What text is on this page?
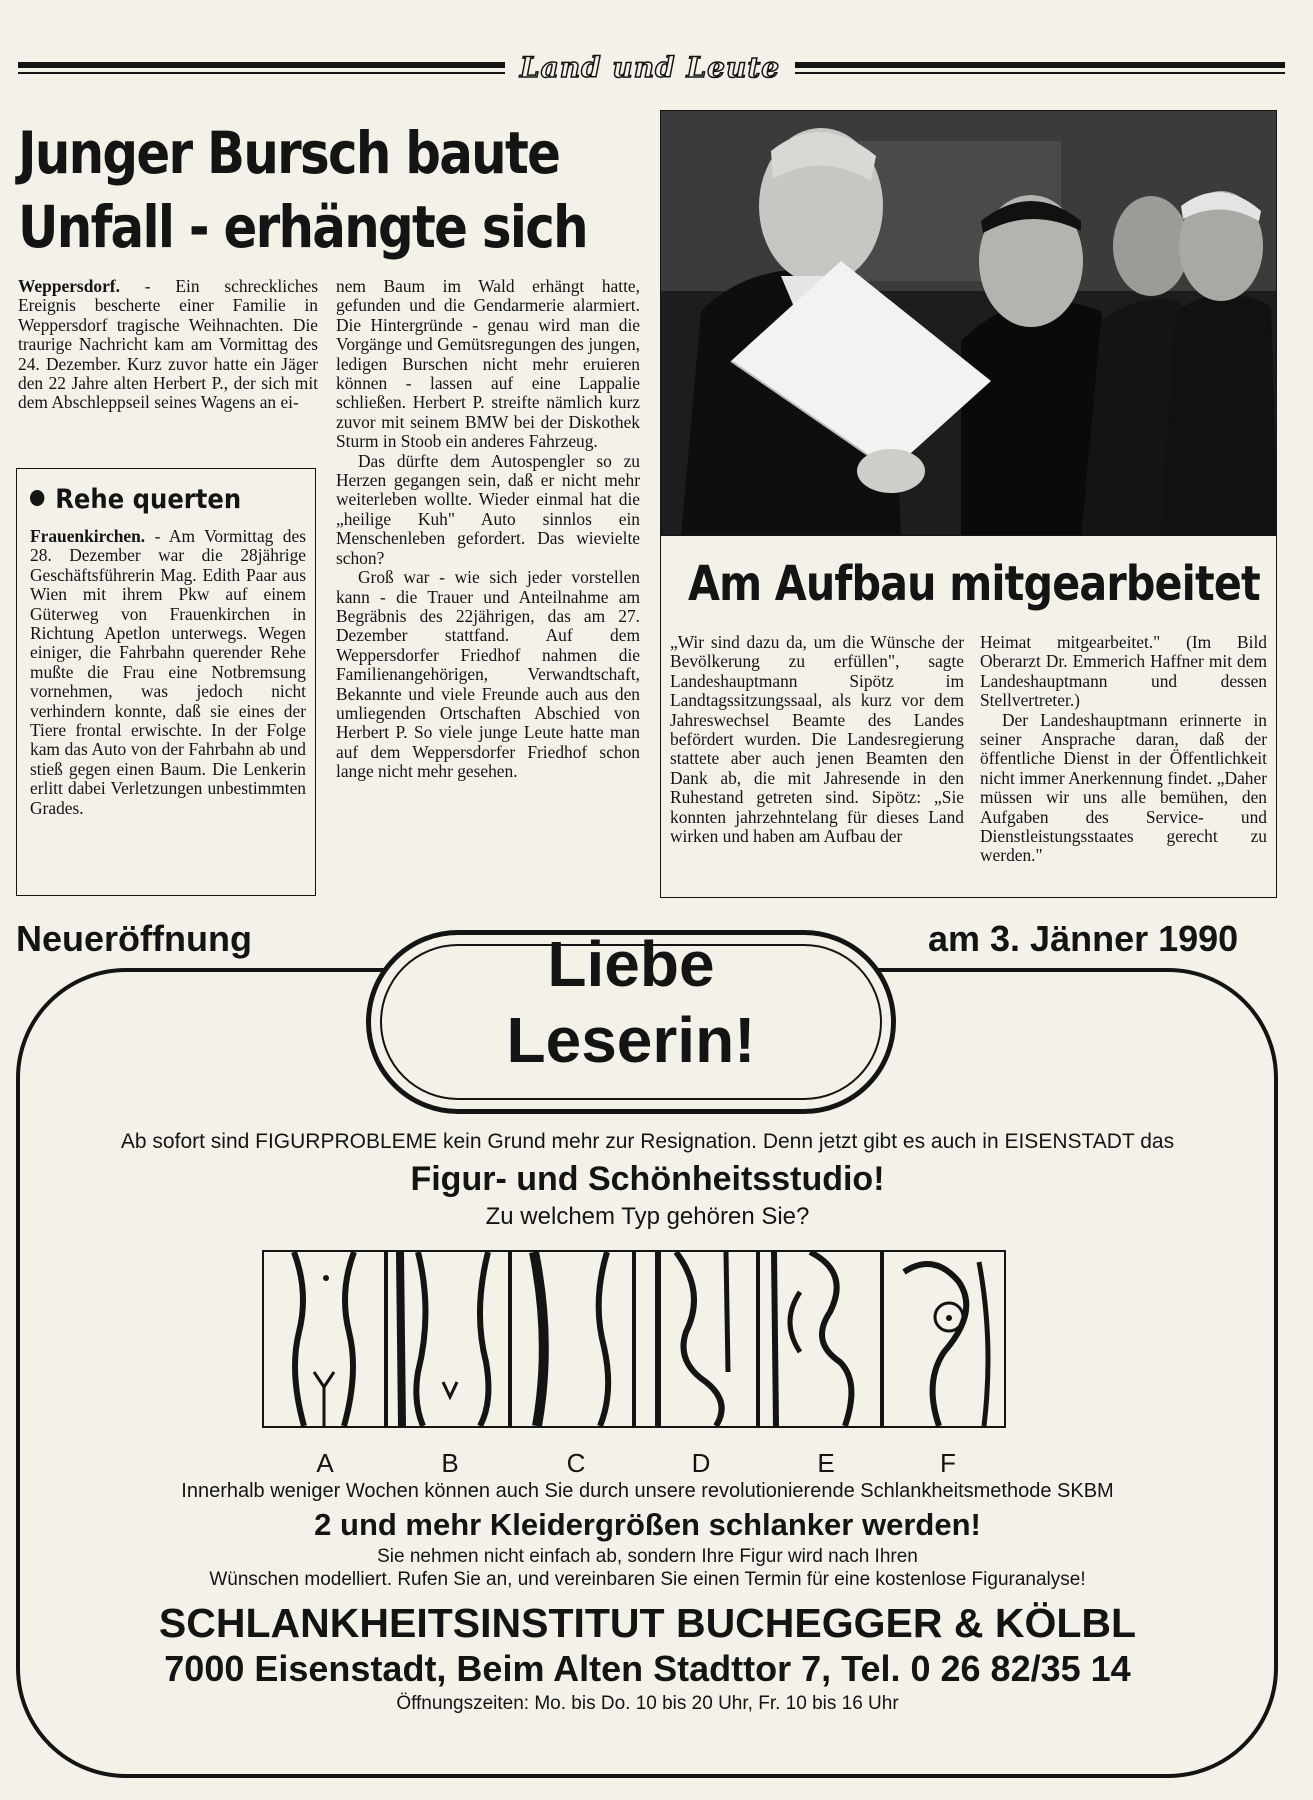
Land und Leute
Junger Bursch baute
Unfall - erhängte sich

Weppersdorf. - Ein schreckliches Ereignis bescherte einer Familie in Weppersdorf tragische Weihnachten. Die traurige Nachricht kam am Vormittag des 24. Dezember. Kurz zuvor hatte ein Jäger den 22 Jahre alten Herbert P., der sich mit dem Abschleppseil seines Wagens an ei-

nem Baum im Wald erhängt hatte, gefunden und die Gendarmerie alarmiert. Die Hintergründe - genau wird man die Vorgänge und Gemütsregungen des jungen, ledigen Burschen nicht mehr eruieren können - lassen auf eine Lappalie schließen. Herbert P. streifte nämlich kurz zuvor mit seinem BMW bei der Diskothek Sturm in Stoob ein anderes Fahrzeug.

Das dürfte dem Autospengler so zu Herzen gegangen sein, daß er nicht mehr weiterleben wollte. Wieder einmal hat die „heilige Kuh" Auto sinnlos ein Menschenleben gefordert. Das wievielte schon?

Groß war - wie sich jeder vorstellen kann - die Trauer und Anteilnahme am Begräbnis des 22jährigen, das am 27. Dezember stattfand. Auf dem Weppersdorfer Friedhof nahmen die Familienangehörigen, Verwandtschaft, Bekannte und viele Freunde auch aus den umliegenden Ortschaften Abschied von Herbert P. So viele junge Leute hatte man auf dem Weppersdorfer Friedhof schon lange nicht mehr gesehen.

Rehe querten

Frauenkirchen. - Am Vormittag des 28. Dezember war die 28jährige Geschäftsführerin Mag. Edith Paar aus Wien mit ihrem Pkw auf einem Güterweg von Frauenkirchen in Richtung Apetlon unterwegs. Wegen einiger, die Fahrbahn querender Rehe mußte die Frau eine Notbremsung vornehmen, was jedoch nicht verhindern konnte, daß sie eines der Tiere frontal erwischte. In der Folge kam das Auto von der Fahrbahn ab und stieß gegen einen Baum. Die Lenkerin erlitt dabei Verletzungen unbestimmten Grades.

Am Aufbau mitgearbeitet

„Wir sind dazu da, um die Wünsche der Bevölkerung zu erfüllen", sagte Landeshauptmann Sipötz im Landtagssitzungssaal, als kurz vor dem Jahreswechsel Beamte des Landes befördert wurden. Die Landesregierung stattete aber auch jenen Beamten den Dank ab, die mit Jahresende in den Ruhestand getreten sind. Sipötz: „Sie konnten jahrzehntelang für dieses Land wirken und haben am Aufbau der

Heimat mitgearbeitet." (Im Bild Oberarzt Dr. Emmerich Haffner mit dem Landeshauptmann und dessen Stellvertreter.)

Der Landeshauptmann erinnerte in seiner Ansprache daran, daß der öffentliche Dienst in der Öffentlichkeit nicht immer Anerkennung findet. „Daher müssen wir uns alle bemühen, den Aufgaben des Service- und Dienstleistungsstaates gerecht zu werden."

Neueröffnung	am 3. Jänner 1990
Liebe
Leserin!
Ab sofort sind FIGURPROBLEME kein Grund mehr zur Resignation. Denn jetzt gibt es auch in EISENSTADT das
Figur- und Schönheitsstudio!
Zu welchem Typ gehören Sie?
A	B	C	D	E	F
Innerhalb weniger Wochen können auch Sie durch unsere revolutionierende Schlankheitsmethode SKBM
2 und mehr Kleidergrößen schlanker werden!
Sie nehmen nicht einfach ab, sondern Ihre Figur wird nach Ihren
Wünschen modelliert. Rufen Sie an, und vereinbaren Sie einen Termin für eine kostenlose Figuranalyse!
SCHLANKHEITSINSTITUT BUCHEGGER & KÖLBL
7000 Eisenstadt, Beim Alten Stadttor 7, Tel. 0 26 82/35 14
Öffnungszeiten: Mo. bis Do. 10 bis 20 Uhr, Fr. 10 bis 16 Uhr
